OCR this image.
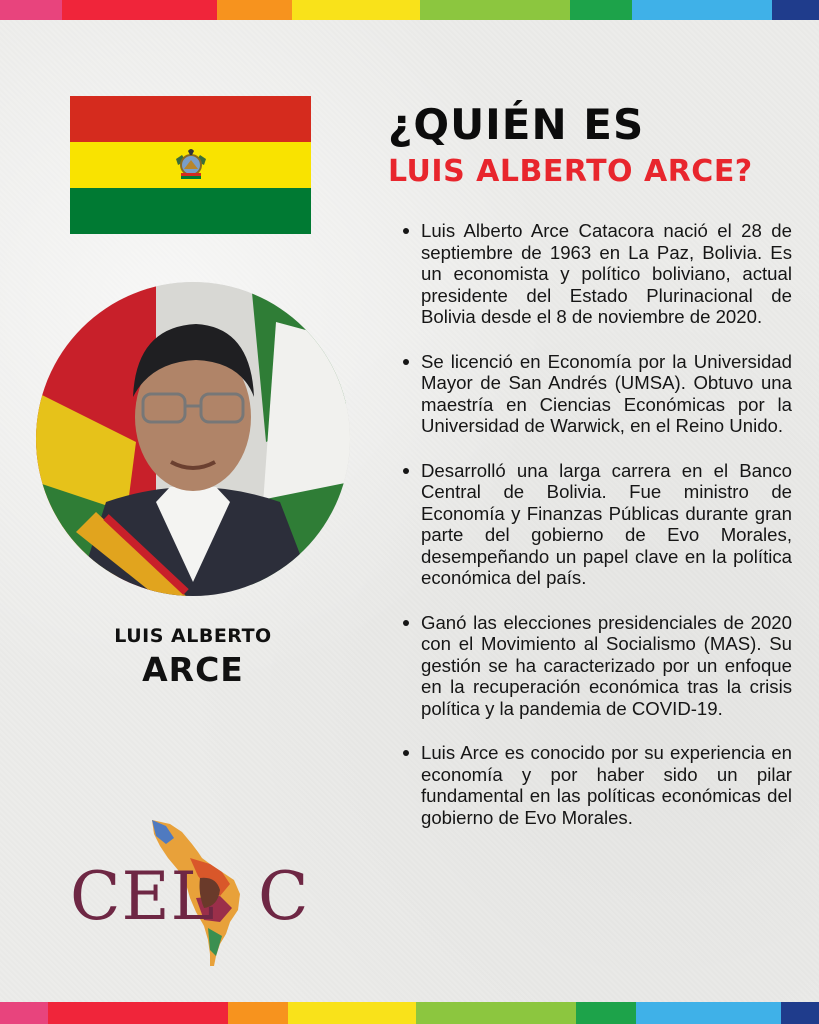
LUIS ALBERTO
ARCE
¿QUIÉN ES
LUIS ALBERTO ARCE?
Luis Alberto Arce Catacora nació el 28 de septiembre de 1963 en La Paz, Bolivia. Es un economista y político boliviano, actual presidente del Estado Plurinacional de Bolivia desde el 8 de noviembre de 2020.
Se licenció en Economía por la Universidad Mayor de San Andrés (UMSA). Obtuvo una maestría en Ciencias Económicas por la Universidad de Warwick, en el Reino Unido.
Desarrolló una larga carrera en el Banco Central de Bolivia. Fue ministro de Economía y Finanzas Públicas durante gran parte del gobierno de Evo Morales, desempeñando un papel clave en la política económica del país.
Ganó las elecciones presidenciales de 2020 con el Movimiento al Socialismo (MAS). Su gestión se ha caracterizado por un enfoque en la recuperación económica tras la crisis política y la pandemia de COVID-19.
Luis Arce es conocido por su experiencia en economía y por haber sido un pilar fundamental en las políticas económicas del gobierno de Evo Morales.
CEL C
